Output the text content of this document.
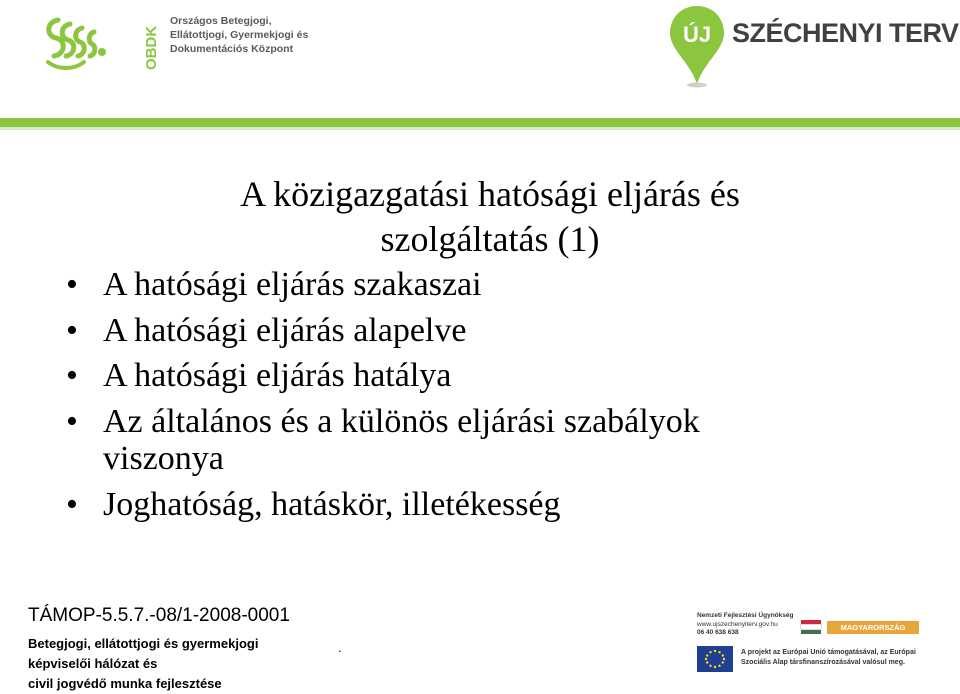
OBDK
Országos Betegjogi,
Ellátottjogi, Gyermekjogi és
Dokumentációs Központ
ÚJ SZÉCHENYI TERV
A közigazgatási hatósági eljárás és
szolgáltatás (1)
• A hatósági eljárás szakaszai
• A hatósági eljárás alapelve
• A hatósági eljárás hatálya
• Az általános és a különös eljárási szabályok viszonya
• Joghatóság, hatáskör, illetékesség
TÁMOP-5.5.7.-08/1-2008-0001
Betegjogi, ellátottjogi és gyermekjogi
képviselői hálózat és
civil jogvédő munka fejlesztése
.
Nemzeti Fejlesztési Ügynökség
www.ujszechenyiterv.gov.hu
06 40 638 638
MAGYARORSZÁG MEGÚJUL
A projekt az Európai Unió támogatásával, az Európai
Szociális Alap társfinanszírozásával valósul meg.
